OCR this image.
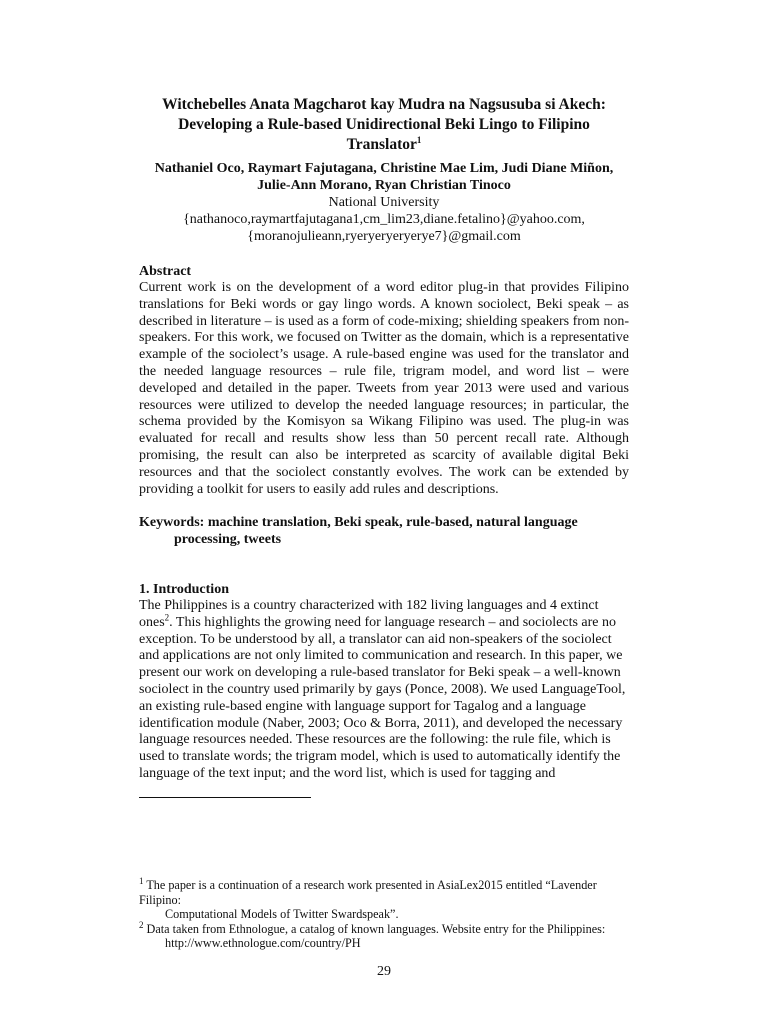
Witchebelles Anata Magcharot kay Mudra na Nagsusuba si Akech:
Developing a Rule-based Unidirectional Beki Lingo to Filipino
Translator$^1$
Nathaniel Oco, Raymart Fajutagana, Christine Mae Lim, Judi Diane Miñon,
Julie-Ann Morano, Ryan Christian Tinoco
National University
{nathanoco,raymartfajutagana1,cm_lim23,diane.fetalino}@yahoo.com,
{moranojulieann,ryeryeryeryerye7}@gmail.com
Abstract

Current work is on the development of a word editor plug-in that provides Filipino translations for Beki words or gay lingo words. A known sociolect, Beki speak – as described in literature – is used as a form of code-mixing; shielding speakers from non-speakers. For this work, we focused on Twitter as the domain, which is a representative example of the sociolect’s usage. A rule-based engine was used for the translator and the needed language resources – rule file, trigram model, and word list – were developed and detailed in the paper. Tweets from year 2013 were used and various resources were utilized to develop the needed language resources; in particular, the schema provided by the Komisyon sa Wikang Filipino was used. The plug-in was evaluated for recall and results show less than 50 percent recall rate. Although promising, the result can also be interpreted as scarcity of available digital Beki resources and that the sociolect constantly evolves. The work can be extended by providing a toolkit for users to easily add rules and descriptions.

Keywords: machine translation, Beki speak, rule-based, natural language
processing, tweets
1. Introduction

The Philippines is a country characterized with 182 living languages and 4 extinct ones$^2$. This highlights the growing need for language research – and sociolects are no exception. To be understood by all, a translator can aid non-speakers of the sociolect and applications are not only limited to communication and research. In this paper, we present our work on developing a rule-based translator for Beki speak – a well-known sociolect in the country used primarily by gays (Ponce, 2008). We used LanguageTool, an existing rule-based engine with language support for Tagalog and a language identification module (Naber, 2003; Oco & Borra, 2011), and developed the necessary language resources needed. These resources are the following: the rule file, which is used to translate words; the trigram model, which is used to automatically identify the language of the text input; and the word list, which is used for tagging and

$^1$ The paper is a continuation of a research work presented in AsiaLex2015 entitled “Lavender Filipino:
Computational Models of Twitter Swardspeak”.

$^2$ Data taken from Ethnologue, a catalog of known languages. Website entry for the Philippines:
http://www.ethnologue.com/country/PH

29
